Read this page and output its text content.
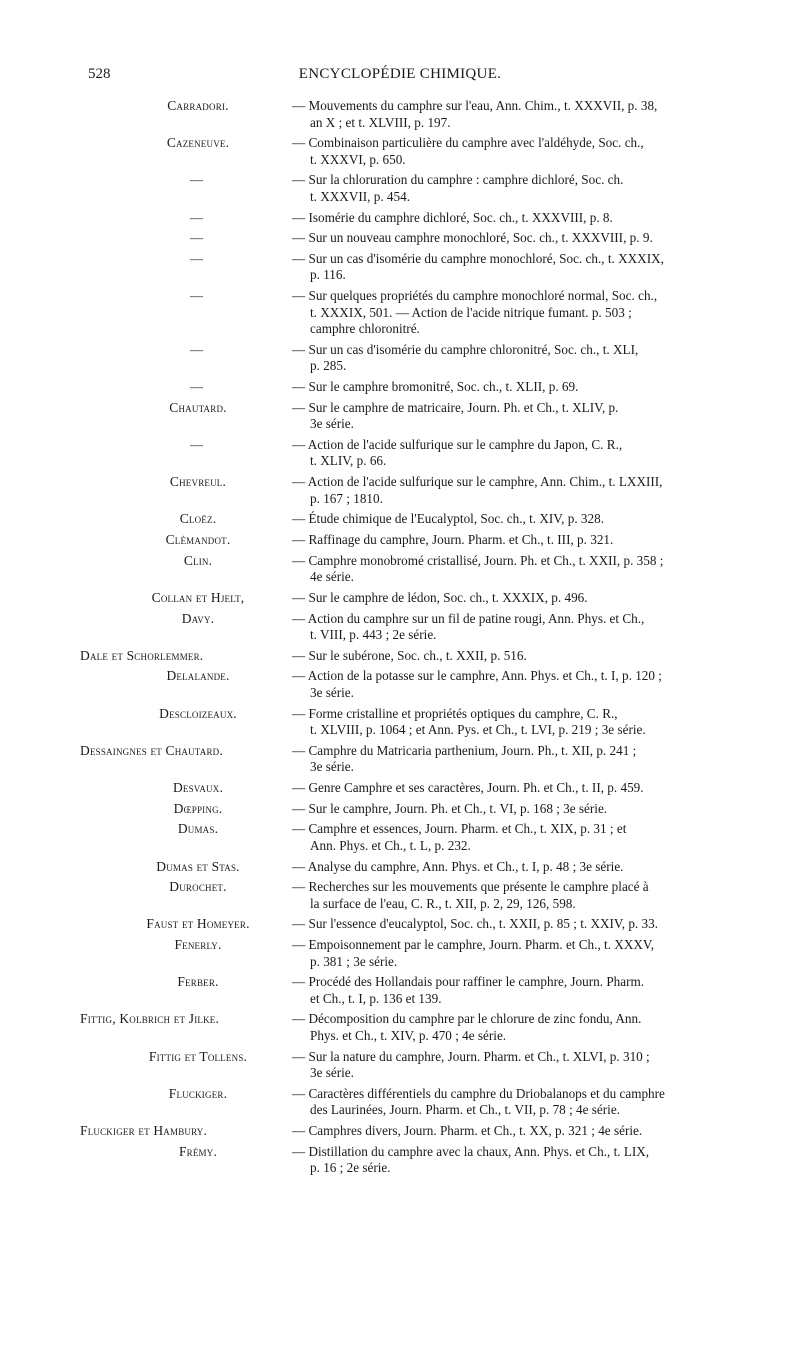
528	ENCYCLOPÉDIE CHIMIQUE.
Carradori.	— Mouvements du camphre sur l'eau, Ann. Chim., t. XXXVII, p. 38,
an X ; et t. XLVIII, p. 197.
Cazeneuve.	— Combinaison particulière du camphre avec l'aldéhyde, Soc. ch.,
t. XXXVI, p. 650.
—	— Sur la chloruration du camphre : camphre dichloré, Soc. ch.
t. XXXVII, p. 454.
—	— Isomérie du camphre dichloré, Soc. ch., t. XXXVIII, p. 8.
—	— Sur un nouveau camphre monochloré, Soc. ch., t. XXXVIII, p. 9.
—	— Sur un cas d'isomérie du camphre monochloré, Soc. ch., t. XXXIX,
p. 116.
—	— Sur quelques propriétés du camphre monochloré normal, Soc. ch.,
t. XXXIX, 501. — Action de l'acide nitrique fumant. p. 503 ;
camphre chloronitré.
—	— Sur un cas d'isomérie du camphre chloronitré, Soc. ch., t. XLI,
p. 285.
—	— Sur le camphre bromonitré, Soc. ch., t. XLII, p. 69.
Chautard.	— Sur le camphre de matricaire, Journ. Ph. et Ch., t. XLIV, p.
3e série.
—	— Action de l'acide sulfurique sur le camphre du Japon, C. R.,
t. XLIV, p. 66.
Chevreul.	— Action de l'acide sulfurique sur le camphre, Ann. Chim., t. LXXIII,
p. 167 ; 1810.
Cloëz.	— Étude chimique de l'Eucalyptol, Soc. ch., t. XIV, p. 328.
Clémandot.	— Raffinage du camphre, Journ. Pharm. et Ch., t. III, p. 321.
Clin.	— Camphre monobromé cristallisé, Journ. Ph. et Ch., t. XXII, p. 358 ;
4e série.
Collan et Hjelt,	— Sur le camphre de lédon, Soc. ch., t. XXXIX, p. 496.
Davy.	— Action du camphre sur un fil de patine rougi, Ann. Phys. et Ch.,
t. VIII, p. 443 ; 2e série.
Dale et Schorlemmer.	— Sur le subérone, Soc. ch., t. XXII, p. 516.
Delalande.	— Action de la potasse sur le camphre, Ann. Phys. et Ch., t. I, p. 120 ;
3e série.
Descloizeaux.	— Forme cristalline et propriétés optiques du camphre, C. R.,
t. XLVIII, p. 1064 ; et Ann. Pys. et Ch., t. LVI, p. 219 ; 3e série.
Dessaingnes et Chautard.	— Camphre du Matricaria parthenium, Journ. Ph., t. XII, p. 241 ;
3e série.
Desvaux.	— Genre Camphre et ses caractères, Journ. Ph. et Ch., t. II, p. 459.
Dœpping.	— Sur le camphre, Journ. Ph. et Ch., t. VI, p. 168 ; 3e série.
Dumas.	— Camphre et essences, Journ. Pharm. et Ch., t. XIX, p. 31 ; et
Ann. Phys. et Ch., t. L, p. 232.
Dumas et Stas.	— Analyse du camphre, Ann. Phys. et Ch., t. I, p. 48 ; 3e série.
Durochet.	— Recherches sur les mouvements que présente le camphre placé à
la surface de l'eau, C. R., t. XII, p. 2, 29, 126, 598.
Faust et Homeyer.	— Sur l'essence d'eucalyptol, Soc. ch., t. XXII, p. 85 ; t. XXIV, p. 33.
Fenerly.	— Empoisonnement par le camphre, Journ. Pharm. et Ch., t. XXXV,
p. 381 ; 3e série.
Ferber.	— Procédé des Hollandais pour raffiner le camphre, Journ. Pharm.
et Ch., t. I, p. 136 et 139.
Fittig, Kolbrich et Jilke.	— Décomposition du camphre par le chlorure de zinc fondu, Ann.
Phys. et Ch., t. XIV, p. 470 ; 4e série.
Fittig et Tollens.	— Sur la nature du camphre, Journ. Pharm. et Ch., t. XLVI, p. 310 ;
3e série.
Fluckiger.	— Caractères différentiels du camphre du Driobalanops et du camphre
des Laurinées, Journ. Pharm. et Ch., t. VII, p. 78 ; 4e série.
Fluckiger et Hambury.	— Camphres divers, Journ. Pharm. et Ch., t. XX, p. 321 ; 4e série.
Frémy.	— Distillation du camphre avec la chaux, Ann. Phys. et Ch., t. LIX,
p. 16 ; 2e série.
